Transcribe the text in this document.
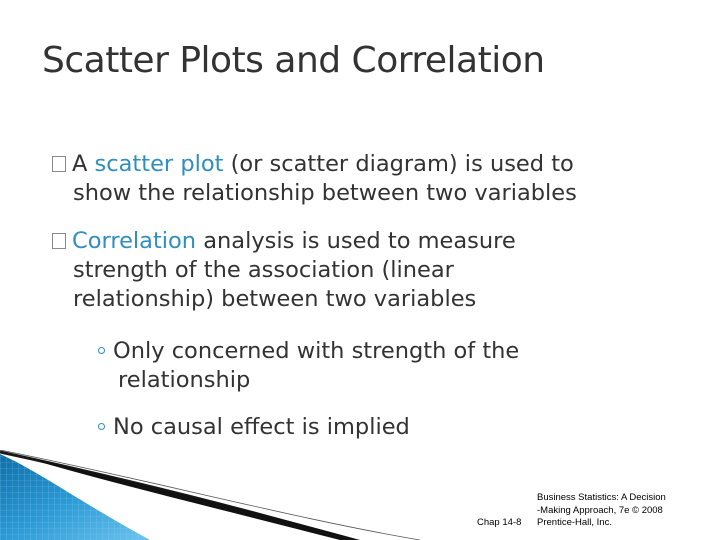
Scatter Plots and Correlation
A scatter plot (or scatter diagram) is used to
show the relationship between two variables
Correlation analysis is used to measure
strength of the association (linear
relationship) between two variables
Only concerned with strength of the
relationship
No causal effect is implied
Chap 14-8
Business Statistics: A Decision
-Making Approach, 7e © 2008
Prentice-Hall, Inc.
